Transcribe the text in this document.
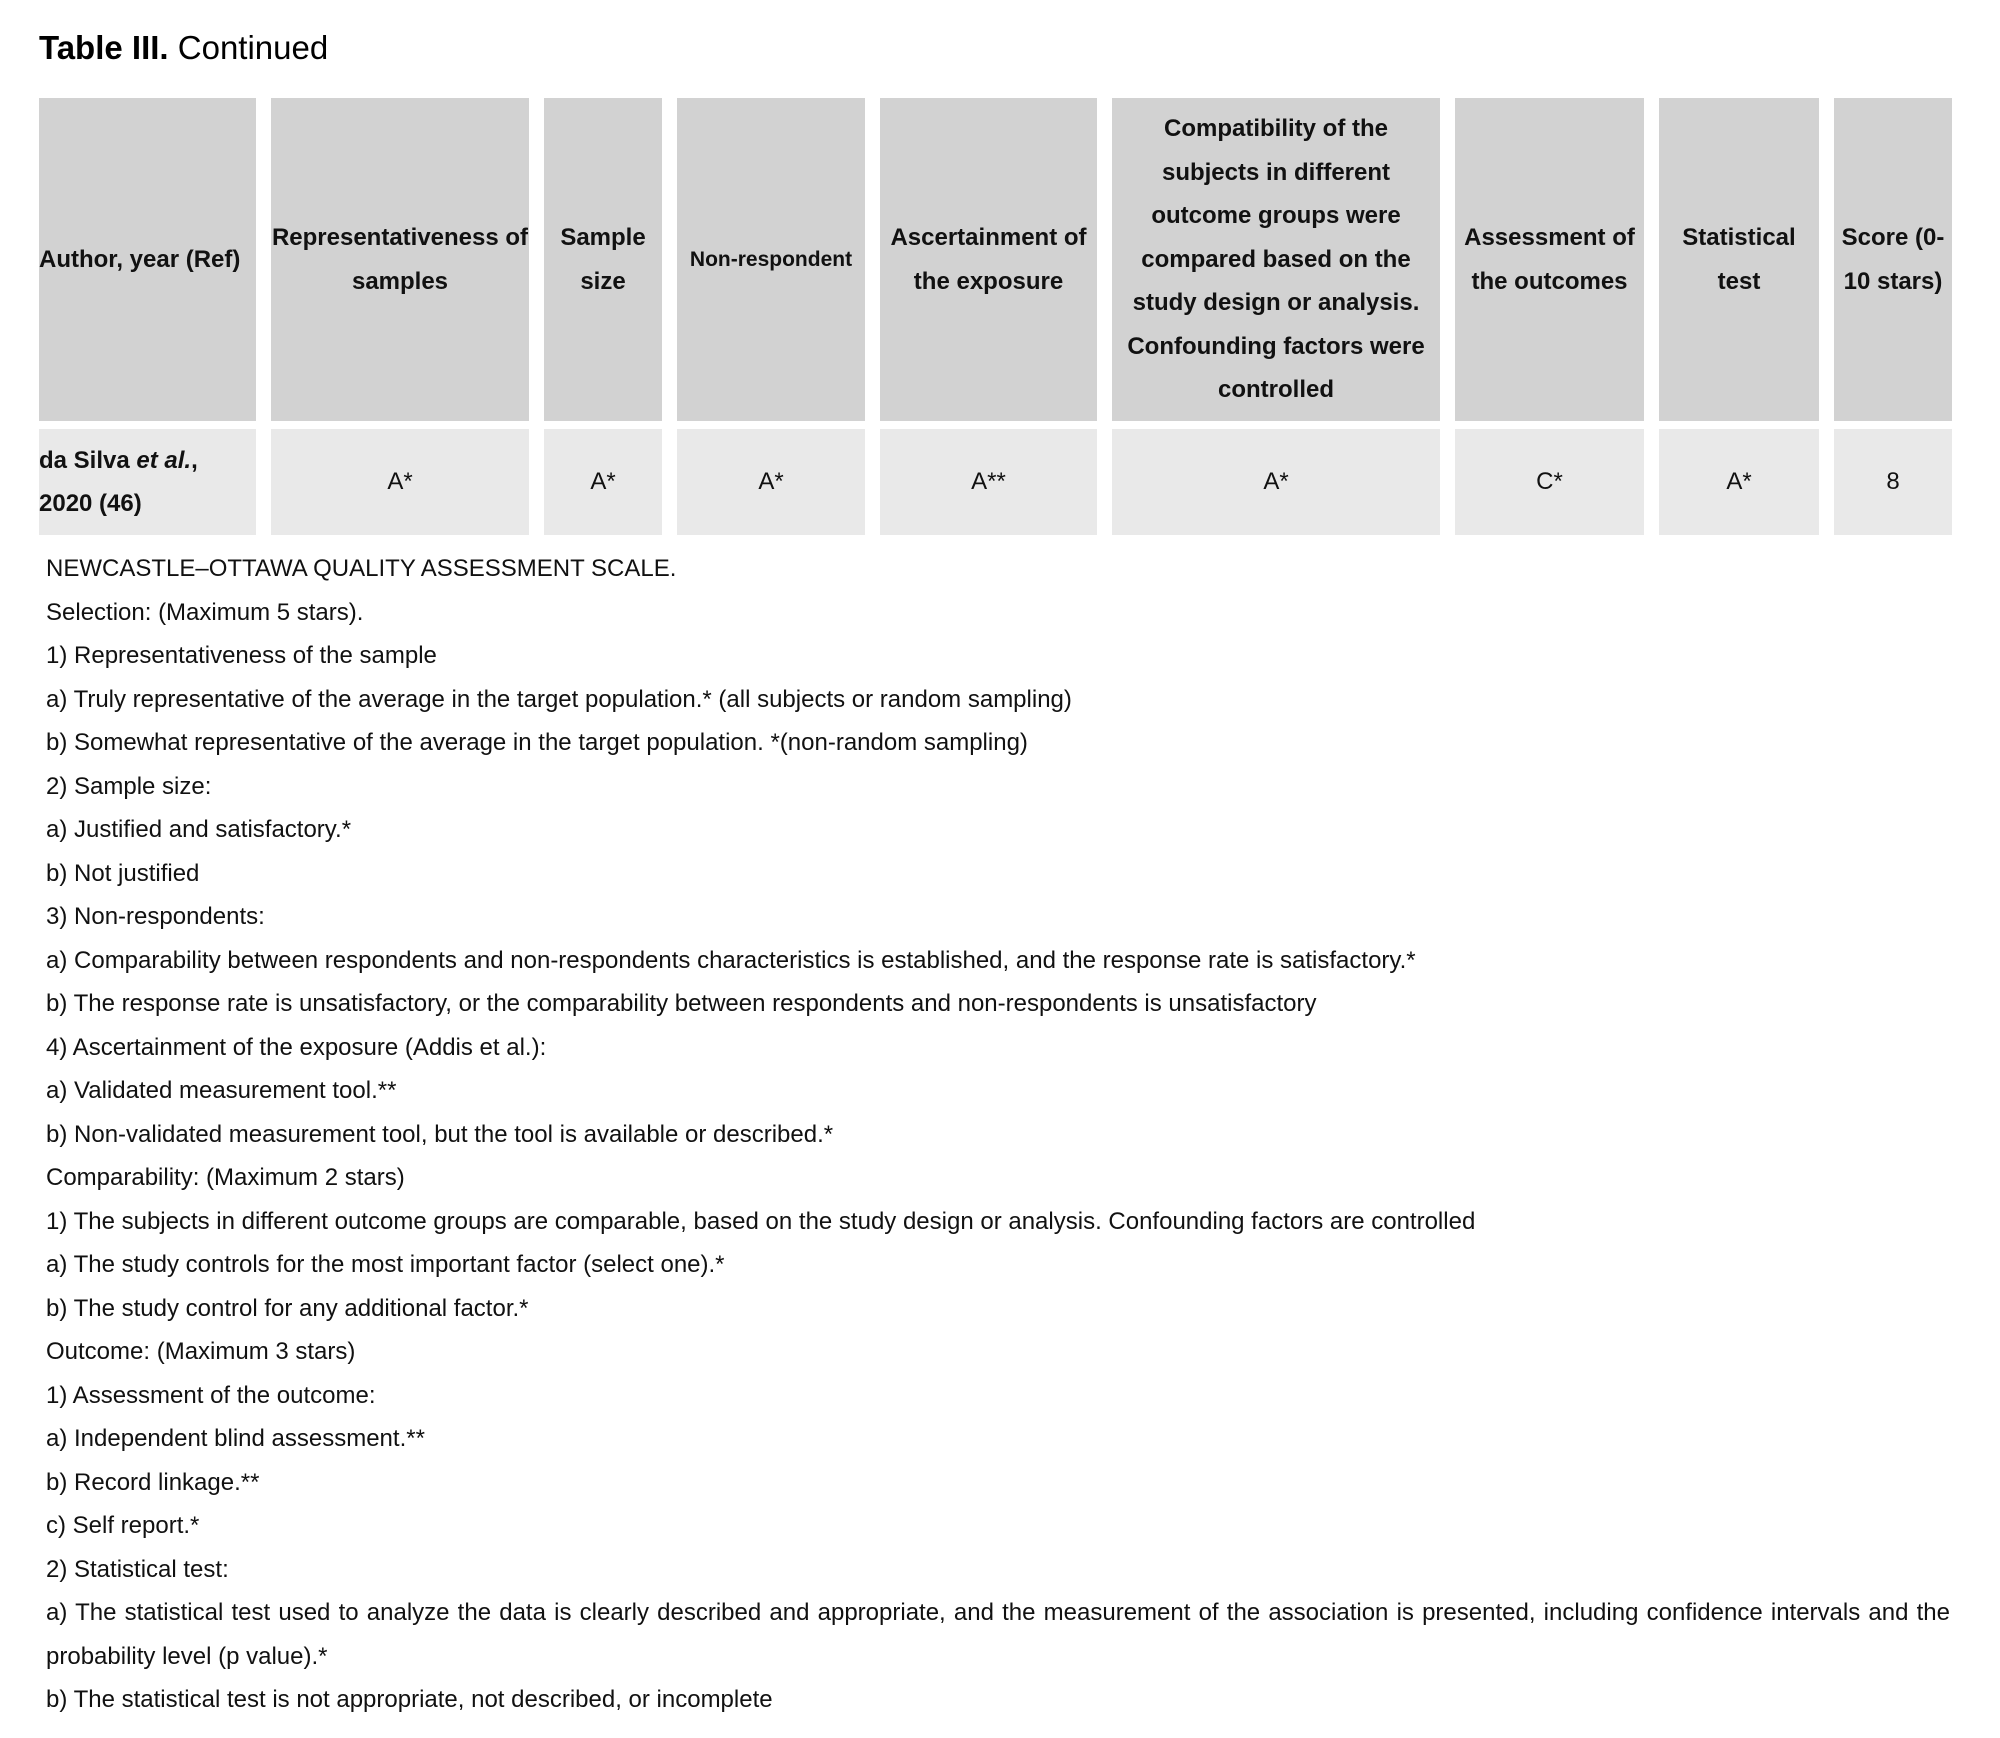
Table III. Continued
Author, year (Ref)	Representativeness of samples	Sample size	Non-respondent	Ascertainment of the exposure	Compatibility of the subjects in different outcome groups were compared based on the study design or analysis. Confounding factors were controlled	Assessment of the outcomes	Statistical test	Score (0-10 stars)
da Silva et al., 2020 (46)	A*	A*	A*	A**	A*	C*	A*	8
NEWCASTLE–OTTAWA QUALITY ASSESSMENT SCALE.
Selection: (Maximum 5 stars).
1) Representativeness of the sample
a) Truly representative of the average in the target population.* (all subjects or random sampling)
b) Somewhat representative of the average in the target population. *(non-random sampling)
2) Sample size:
a) Justified and satisfactory.*
b) Not justified
3) Non-respondents:
a) Comparability between respondents and non-respondents characteristics is established, and the response rate is satisfactory.*
b) The response rate is unsatisfactory, or the comparability between respondents and non-respondents is unsatisfactory
4) Ascertainment of the exposure (Addis et al.):
a) Validated measurement tool.**
b) Non-validated measurement tool, but the tool is available or described.*
Comparability: (Maximum 2 stars)
1) The subjects in different outcome groups are comparable, based on the study design or analysis. Confounding factors are controlled
a) The study controls for the most important factor (select one).*
b) The study control for any additional factor.*
Outcome: (Maximum 3 stars)
1) Assessment of the outcome:
a) Independent blind assessment.**
b) Record linkage.**
c) Self report.*
2) Statistical test:
a) The statistical test used to analyze the data is clearly described and appropriate, and the measurement of the association is presented, including confidence intervals and the probability level (p value).*
b) The statistical test is not appropriate, not described, or incomplete
